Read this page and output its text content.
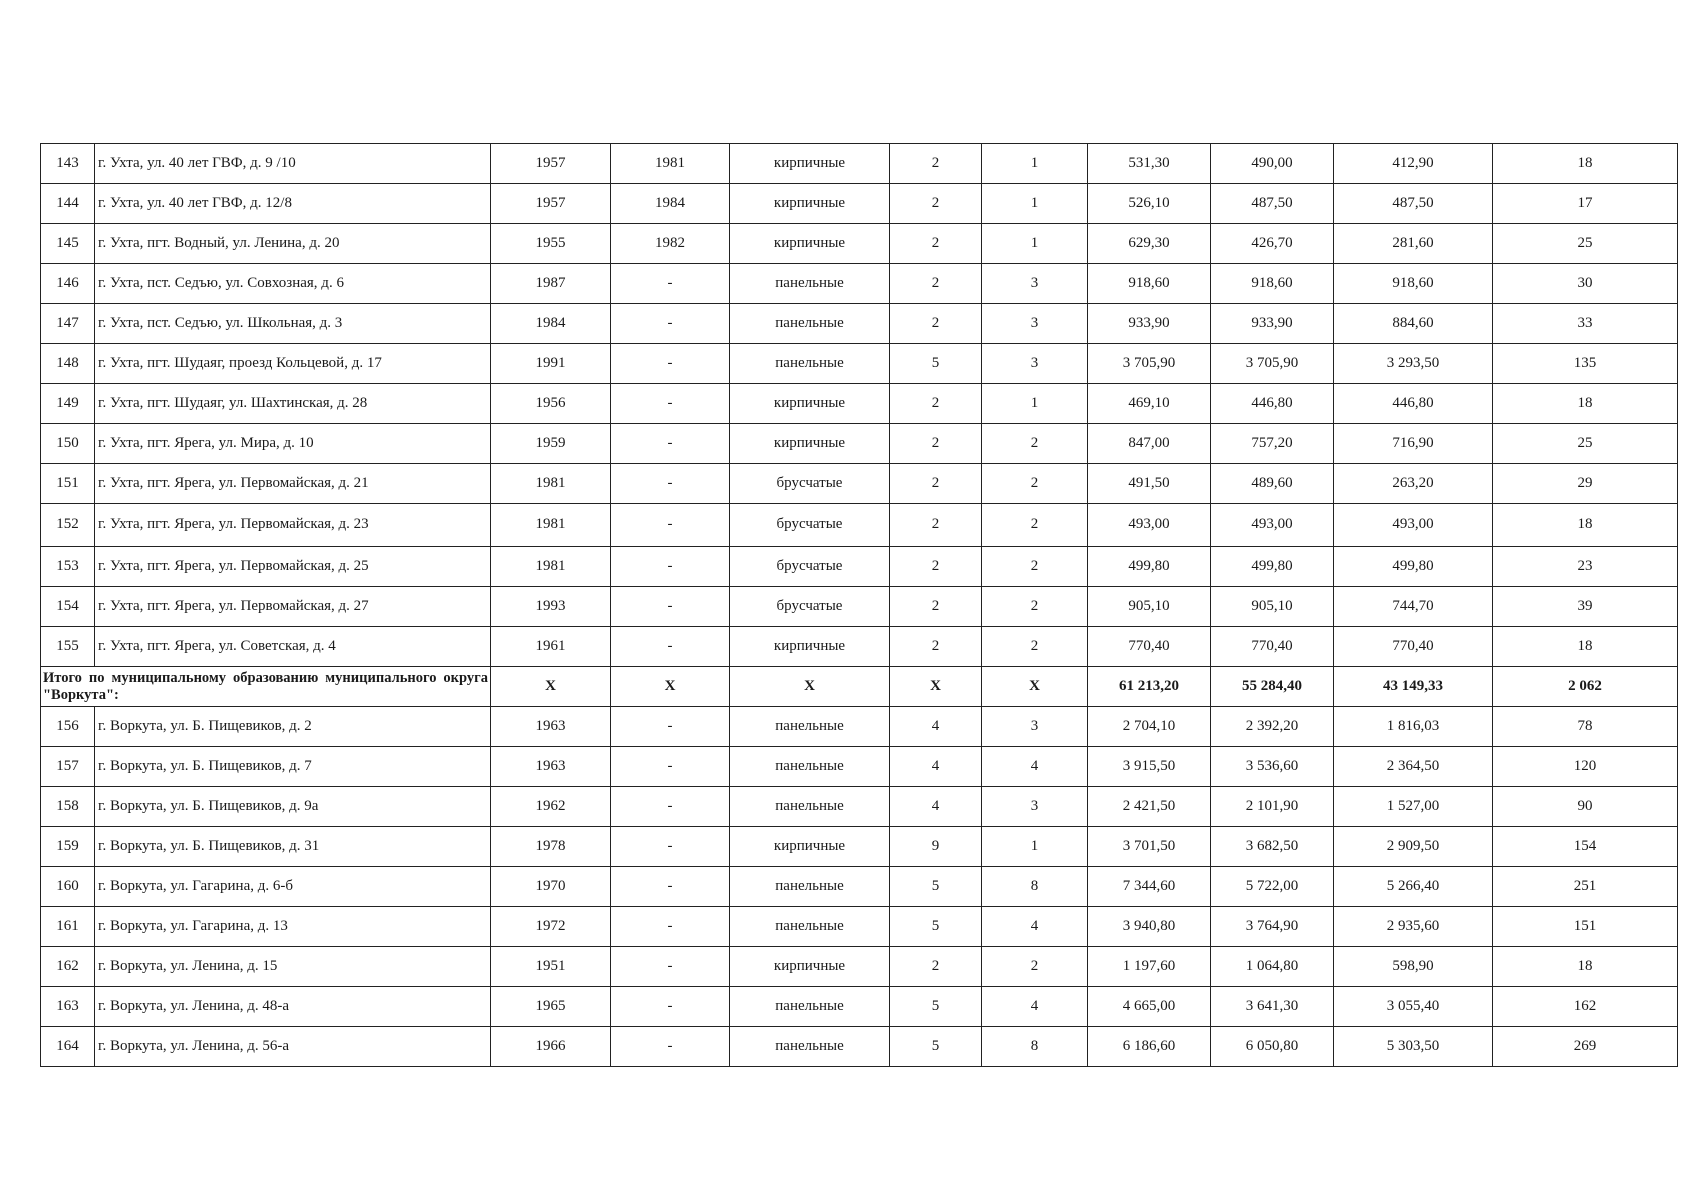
143	г. Ухта, ул. 40 лет ГВФ, д. 9 /10	1957	1981	кирпичные	2	1	531,30	490,00	412,90	18
144	г. Ухта, ул. 40 лет ГВФ, д. 12/8	1957	1984	кирпичные	2	1	526,10	487,50	487,50	17
145	г. Ухта, пгт. Водный, ул. Ленина, д. 20	1955	1982	кирпичные	2	1	629,30	426,70	281,60	25
146	г. Ухта, пст. Седъю, ул. Совхозная, д. 6	1987	-	панельные	2	3	918,60	918,60	918,60	30
147	г. Ухта, пст. Седъю, ул. Школьная, д. 3	1984	-	панельные	2	3	933,90	933,90	884,60	33
148	г. Ухта, пгт. Шудаяг, проезд Кольцевой, д. 17	1991	-	панельные	5	3	3 705,90	3 705,90	3 293,50	135
149	г. Ухта, пгт. Шудаяг, ул. Шахтинская, д. 28	1956	-	кирпичные	2	1	469,10	446,80	446,80	18
150	г. Ухта, пгт. Ярега, ул. Мира, д. 10	1959	-	кирпичные	2	2	847,00	757,20	716,90	25
151	г. Ухта, пгт. Ярега, ул. Первомайская, д. 21	1981	-	брусчатые	2	2	491,50	489,60	263,20	29
152	г. Ухта, пгт. Ярега, ул. Первомайская, д. 23	1981	-	брусчатые	2	2	493,00	493,00	493,00	18
153	г. Ухта, пгт. Ярега, ул. Первомайская, д. 25	1981	-	брусчатые	2	2	499,80	499,80	499,80	23
154	г. Ухта, пгт. Ярега, ул. Первомайская, д. 27	1993	-	брусчатые	2	2	905,10	905,10	744,70	39
155	г. Ухта, пгт. Ярега, ул. Советская, д. 4	1961	-	кирпичные	2	2	770,40	770,40	770,40	18
Итого по муниципальному образованию муниципального округа "Воркута":		Х	Х	Х	Х	Х	61 213,20	55 284,40	43 149,33	2 062
156	г. Воркута, ул. Б. Пищевиков, д. 2	1963	-	панельные	4	3	2 704,10	2 392,20	1 816,03	78
157	г. Воркута, ул. Б. Пищевиков, д. 7	1963	-	панельные	4	4	3 915,50	3 536,60	2 364,50	120
158	г. Воркута, ул. Б. Пищевиков, д. 9а	1962	-	панельные	4	3	2 421,50	2 101,90	1 527,00	90
159	г. Воркута, ул. Б. Пищевиков, д. 31	1978	-	кирпичные	9	1	3 701,50	3 682,50	2 909,50	154
160	г. Воркута, ул. Гагарина, д. 6-б	1970	-	панельные	5	8	7 344,60	5 722,00	5 266,40	251
161	г. Воркута, ул. Гагарина, д. 13	1972	-	панельные	5	4	3 940,80	3 764,90	2 935,60	151
162	г. Воркута, ул. Ленина, д. 15	1951	-	кирпичные	2	2	1 197,60	1 064,80	598,90	18
163	г. Воркута, ул. Ленина, д. 48-а	1965	-	панельные	5	4	4 665,00	3 641,30	3 055,40	162
164	г. Воркута, ул. Ленина, д. 56-а	1966	-	панельные	5	8	6 186,60	6 050,80	5 303,50	269
